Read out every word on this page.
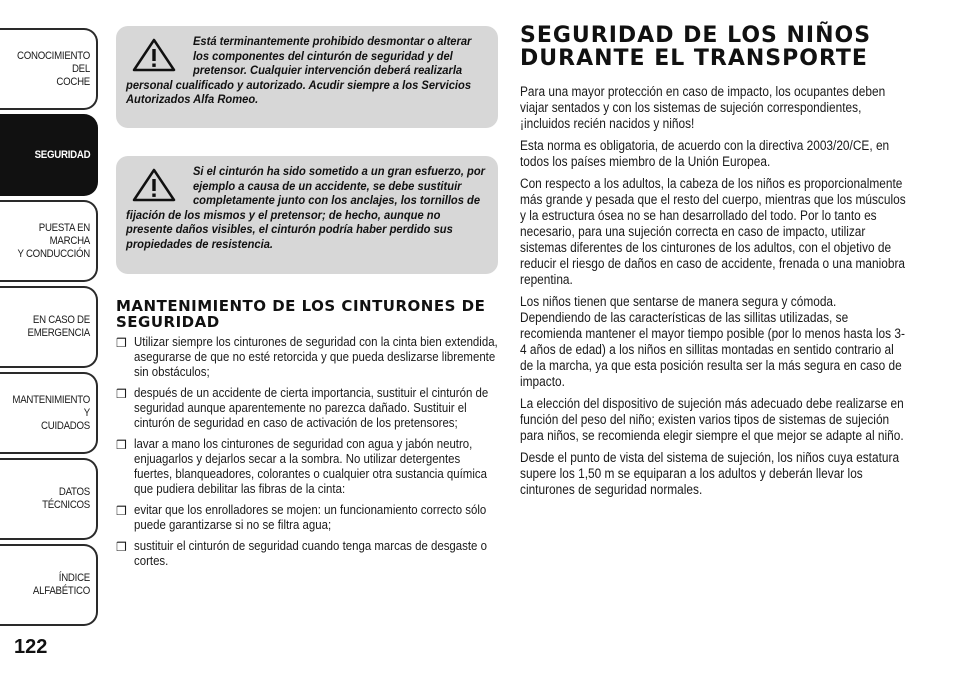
CONOCIMIENTO DEL
COCHE
SEGURIDAD
PUESTA EN MARCHA
Y CONDUCCIÓN
EN CASO DE
EMERGENCIA
MANTENIMIENTO Y
CUIDADOS
DATOS TÉCNICOS
ÍNDICE ALFABÉTICO
122

Está terminantemente prohibido desmontar o alterar los componentes del cinturón de seguridad y del pretensor. Cualquier intervención deberá realizarla personal cualificado y autorizado. Acudir siempre a los Servicios Autorizados Alfa Romeo.

Si el cinturón ha sido sometido a un gran esfuerzo, por ejemplo a causa de un accidente, se debe sustituir completamente junto con los anclajes, los tornillos de fijación de los mismos y el pretensor; de hecho, aunque no presente daños visibles, el cinturón podría haber perdido sus propiedades de resistencia.

MANTENIMIENTO DE LOS CINTURONES DE SEGURIDAD
❒ Utilizar siempre los cinturones de seguridad con la cinta bien extendida, asegurarse de que no esté retorcida y que pueda deslizarse libremente sin obstáculos;
❒ después de un accidente de cierta importancia, sustituir el cinturón de seguridad aunque aparentemente no parezca dañado. Sustituir el cinturón de seguridad en caso de activación de los pretensores;
❒ lavar a mano los cinturones de seguridad con agua y jabón neutro, enjuagarlos y dejarlos secar a la sombra. No utilizar detergentes fuertes, blanqueadores, colorantes o cualquier otra sustancia química que pudiera debilitar las fibras de la cinta:
❒ evitar que los enrolladores se mojen: un funcionamiento correcto sólo puede garantizarse si no se filtra agua;
❒ sustituir el cinturón de seguridad cuando tenga marcas de desgaste o cortes.
SEGURIDAD DE LOS NIÑOS DURANTE EL TRANSPORTE

Para una mayor protección en caso de impacto, los ocupantes deben viajar sentados y con los sistemas de sujeción correspondientes, ¡incluidos recién nacidos y niños!

Esta norma es obligatoria, de acuerdo con la directiva 2003/20/CE, en todos los países miembro de la Unión Europea.

Con respecto a los adultos, la cabeza de los niños es proporcionalmente más grande y pesada que el resto del cuerpo, mientras que los músculos y la estructura ósea no se han desarrollado del todo. Por lo tanto es necesario, para una sujeción correcta en caso de impacto, utilizar sistemas diferentes de los cinturones de los adultos, con el objetivo de reducir el riesgo de daños en caso de accidente, frenada o una maniobra repentina.

Los niños tienen que sentarse de manera segura y cómoda. Dependiendo de las características de las sillitas utilizadas, se recomienda mantener el mayor tiempo posible (por lo menos hasta los 3-4 años de edad) a los niños en sillitas montadas en sentido contrario al de la marcha, ya que esta posición resulta ser la más segura en caso de impacto.

La elección del dispositivo de sujeción más adecuado debe realizarse en función del peso del niño; existen varios tipos de sistemas de sujeción para niños, se recomienda elegir siempre el que mejor se adapte al niño.

Desde el punto de vista del sistema de sujeción, los niños cuya estatura supere los 1,50 m se equiparan a los adultos y deberán llevar los cinturones de seguridad normales.
